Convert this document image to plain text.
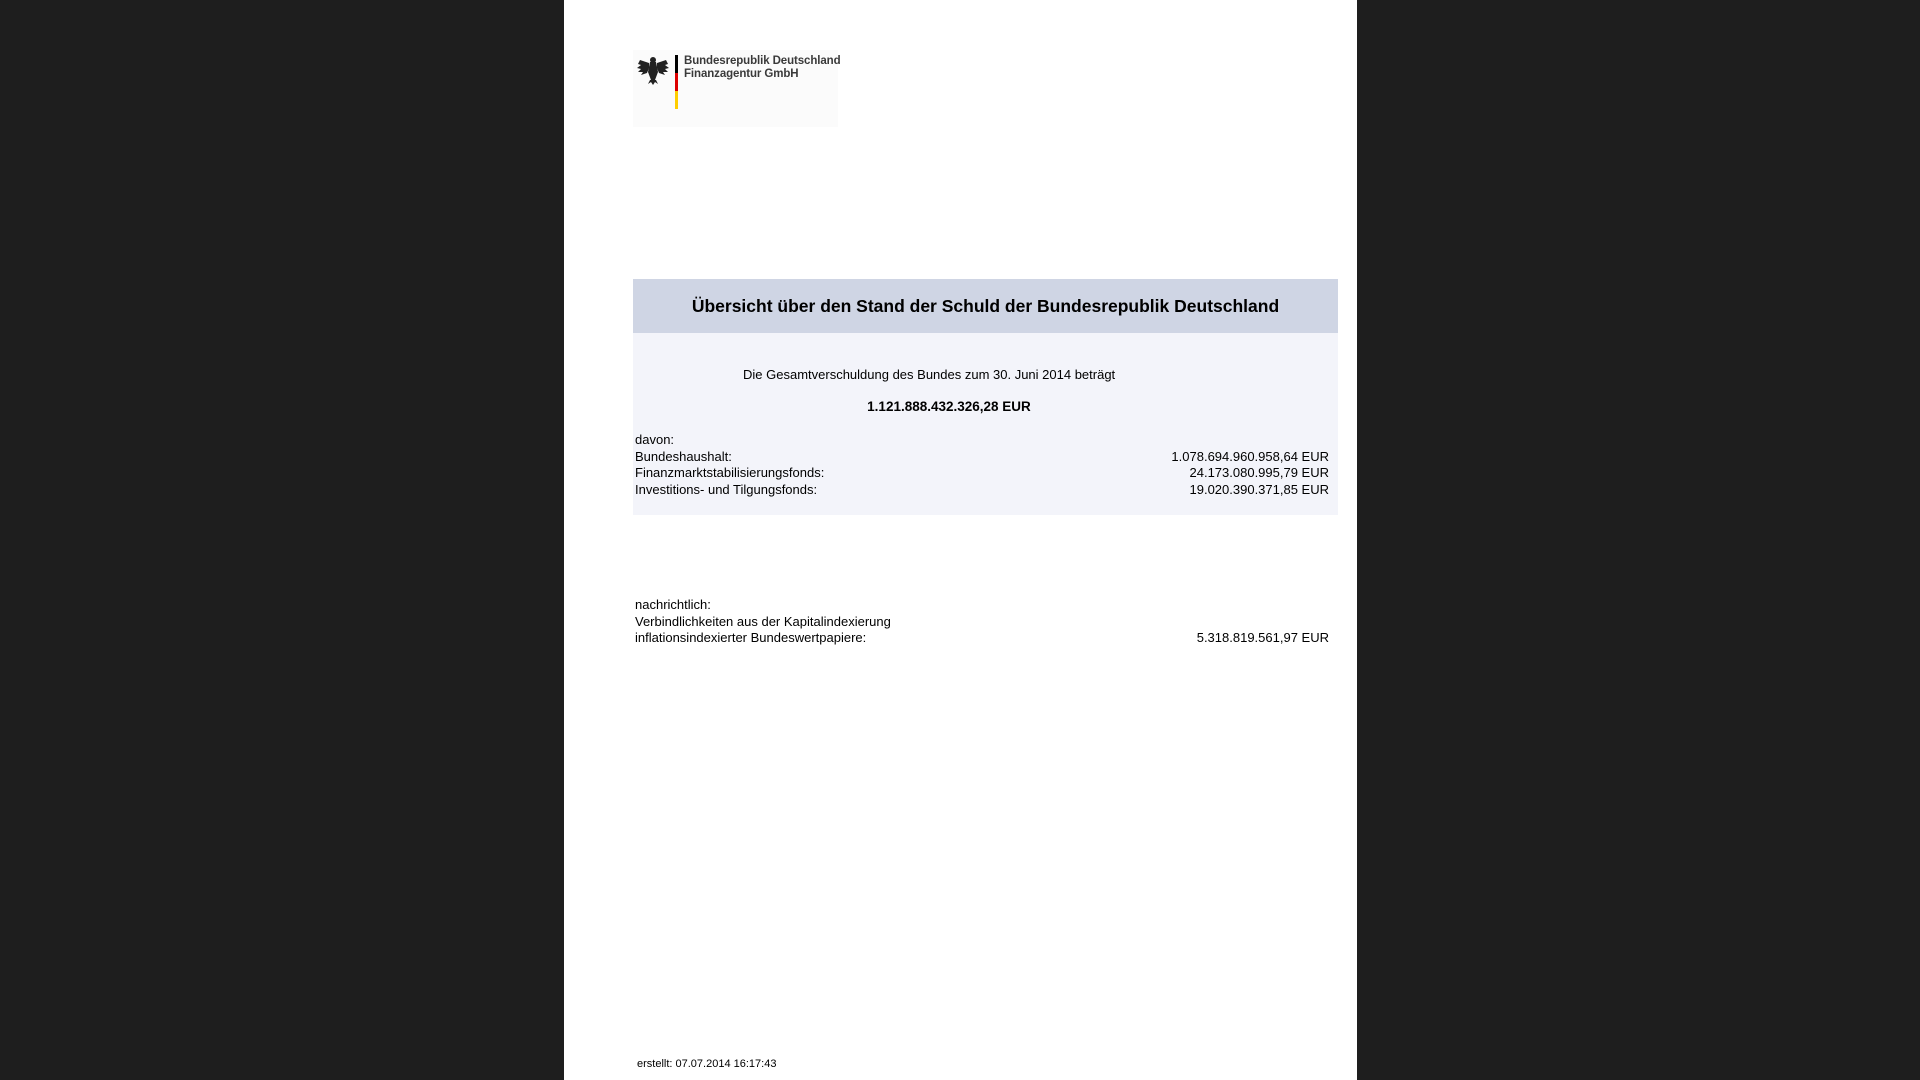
Bundesrepublik Deutschland
Finanzagentur GmbH
Übersicht über den Stand der Schuld der Bundesrepublik Deutschland
Die Gesamtverschuldung des Bundes zum 30. Juni 2014 beträgt
1.121.888.432.326,28 EUR
davon:
Bundeshaushalt:	1.078.694.960.958,64 EUR
Finanzmarktstabilisierungsfonds:	24.173.080.995,79 EUR
Investitions- und Tilgungsfonds:	19.020.390.371,85 EUR
nachrichtlich:
Verbindlichkeiten aus der Kapitalindexierung
inflationsindexierter Bundeswertpapiere:	5.318.819.561,97 EUR
erstellt: 07.07.2014 16:17:43
